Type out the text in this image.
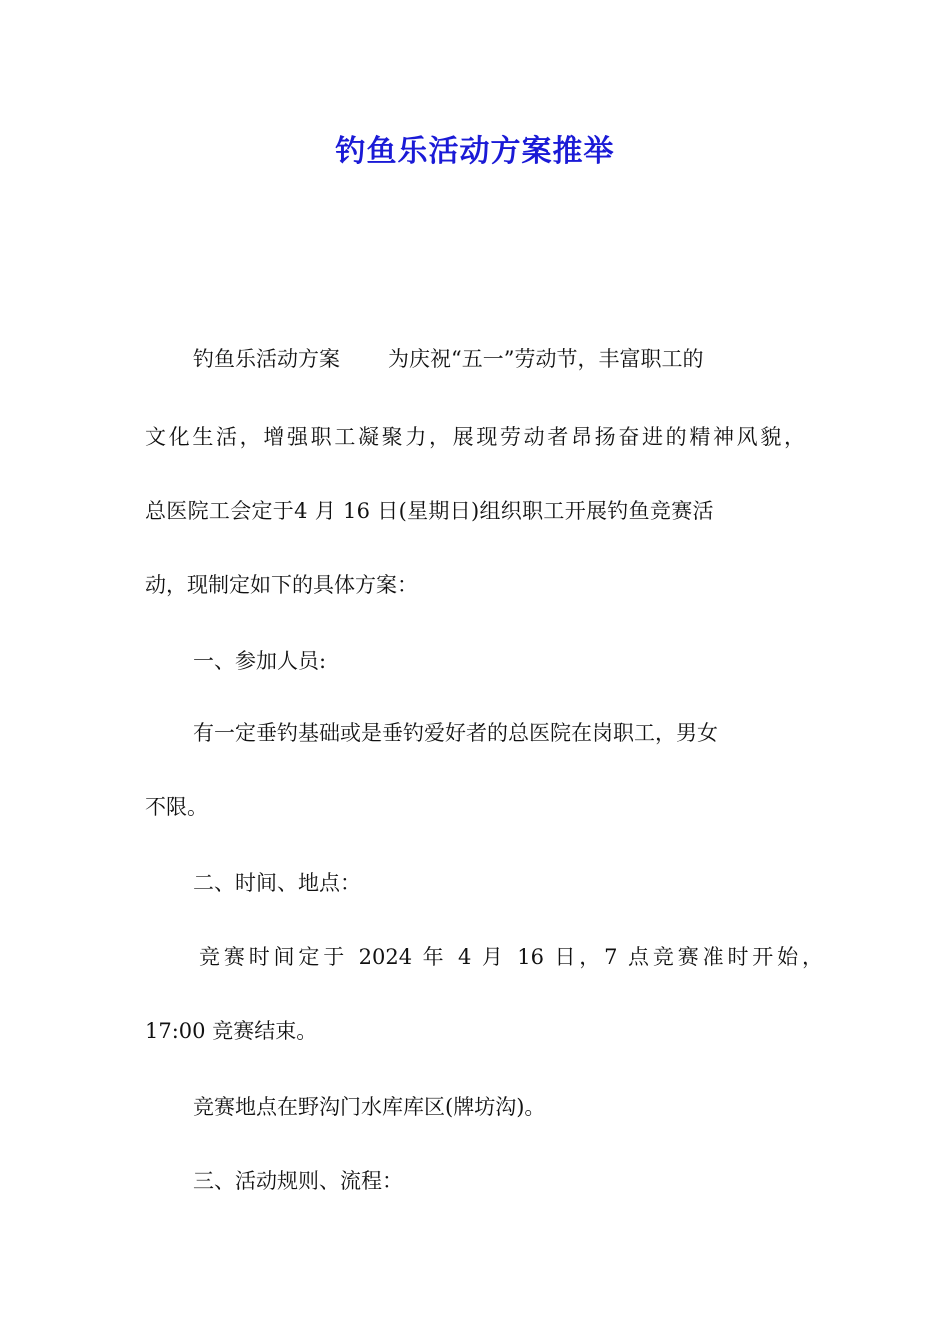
钓鱼乐活动方案推举

钓鱼乐活动方案 为庆祝“五一”劳动节，丰富职工的

文化生活，增强职工凝聚力，展现劳动者昂扬奋进的精神风貌，

总医院工会定于4 月 16 日(星期日)组织职工开展钓鱼竞赛活

动，现制定如下的具体方案：

一、参加人员:

有一定垂钓基础或是垂钓爱好者的总医院在岗职工，男女

不限。

二、时间、地点：

竞赛时间定于 2024 年 4 月 16 日，7 点竞赛准时开始，

17:00 竞赛结束。

竞赛地点在野沟门水库库区(牌坊沟)。

三、活动规则、流程：
